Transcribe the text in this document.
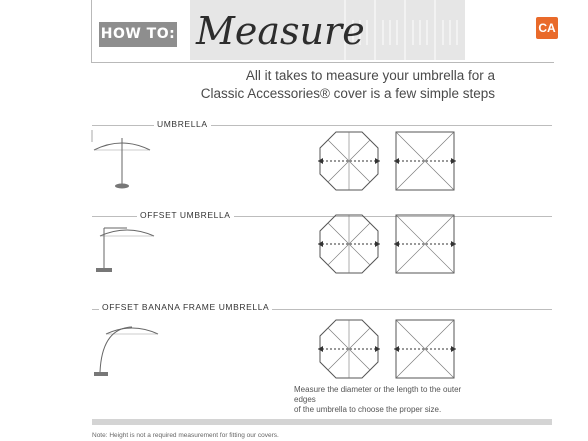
HOW TO: Measure	CA
All it takes to measure your umbrella for a
Classic Accessories® cover is a few simple steps
UMBRELLA
OFFSET UMBRELLA
OFFSET BANANA FRAME UMBRELLA
Measure the diameter or the length to the outer edges
of the umbrella to choose the proper size.
Note: Height is not a required measurement for fitting our covers.
